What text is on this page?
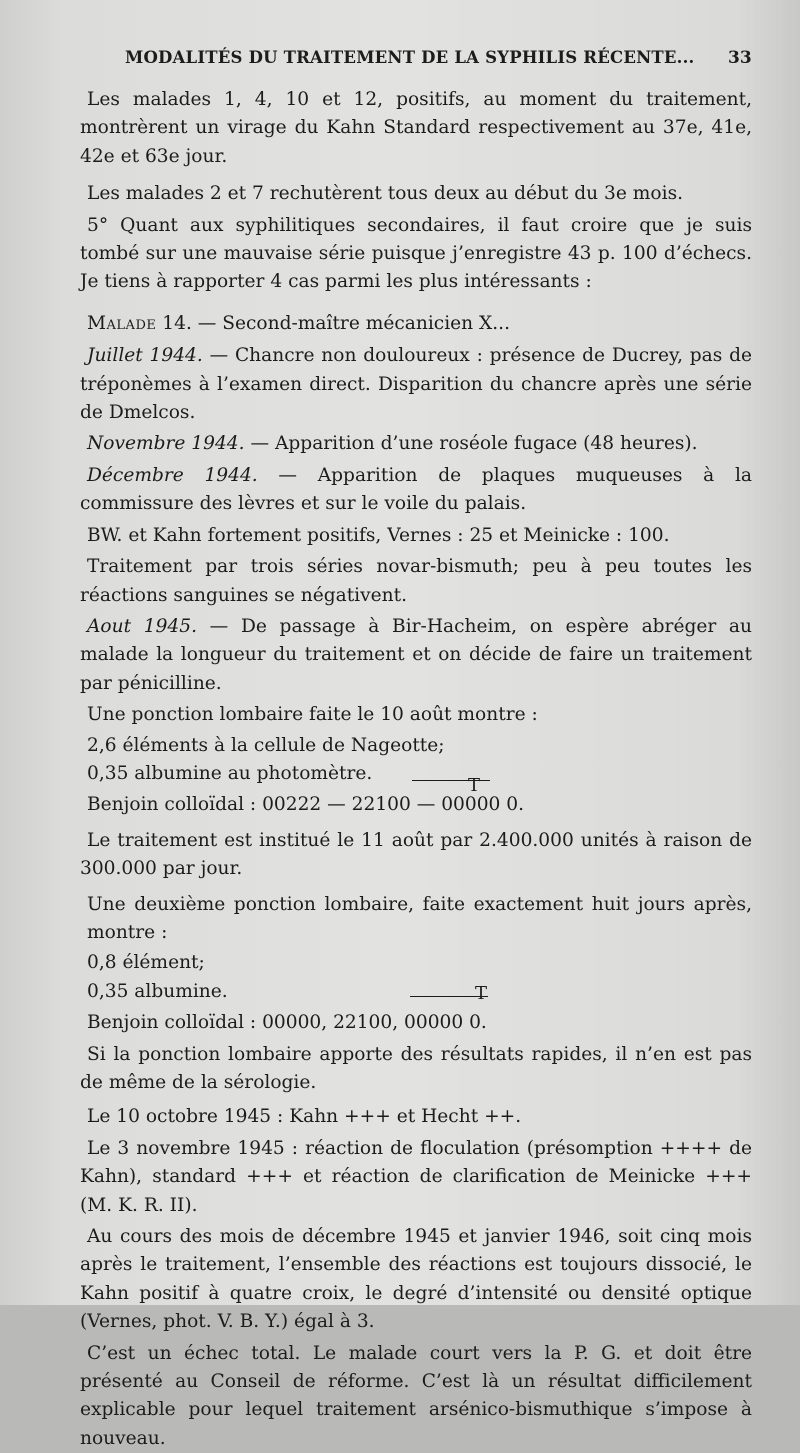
MODALITÉS DU TRAITEMENT DE LA SYPHILIS RÉCENTE... 33

Les malades 1, 4, 10 et 12, positifs, au moment du traitement, montrèrent un virage du Kahn Standard respectivement au 37e, 41e, 42e et 63e jour.

Les malades 2 et 7 rechutèrent tous deux au début du 3e mois.

5° Quant aux syphilitiques secondaires, il faut croire que je suis tombé sur une mauvaise série puisque j’enregistre 43 p. 100 d’échecs. Je tiens à rapporter 4 cas parmi les plus intéressants :

Malade 14. — Second-maître mécanicien X...

Juillet 1944. — Chancre non douloureux : présence de Ducrey, pas de tréponèmes à l’examen direct. Disparition du chancre après une série de Dmelcos.

Novembre 1944. — Apparition d’une roséole fugace (48 heures).

Décembre 1944. — Apparition de plaques muqueuses à la commissure des lèvres et sur le voile du palais.

BW. et Kahn fortement positifs, Vernes : 25 et Meinicke : 100.

Traitement par trois séries novar-bismuth; peu à peu toutes les réactions sanguines se négativent.

Aout 1945. — De passage à Bir-Hacheim, on espère abréger au malade la longueur du traitement et on décide de faire un traitement par pénicilline.

Une ponction lombaire faite le 10 août montre :

2,6 éléments à la cellule de Nageotte;

0,35 albumine au photomètre.
T

Benjoin colloïdal : 00222 — 22100 — 00000 0.

Le traitement est institué le 11 août par 2.400.000 unités à raison de 300.000 par jour.

Une deuxième ponction lombaire, faite exactement huit jours après, montre :

0,8 élément;

0,35 albumine.	T

Benjoin colloïdal : 00000, 22100, 00000 0.

Si la ponction lombaire apporte des résultats rapides, il n’en est pas de même de la sérologie.

Le 10 octobre 1945 : Kahn +++ et Hecht ++.

Le 3 novembre 1945 : réaction de floculation (présomption ++++ de Kahn), standard +++ et réaction de clarification de Meinicke +++ (M. K. R. II).

Au cours des mois de décembre 1945 et janvier 1946, soit cinq mois après le traitement, l’ensemble des réactions est toujours dissocié, le Kahn positif à quatre croix, le degré d’intensité ou densité optique (Vernes, phot. V. B. Y.) égal à 3.

C’est un échec total. Le malade court vers la P. G. et doit être présenté au Conseil de réforme. C’est là un résultat difficilement explicable pour lequel traitement arsénico-bismuthique s’impose à nouveau.
